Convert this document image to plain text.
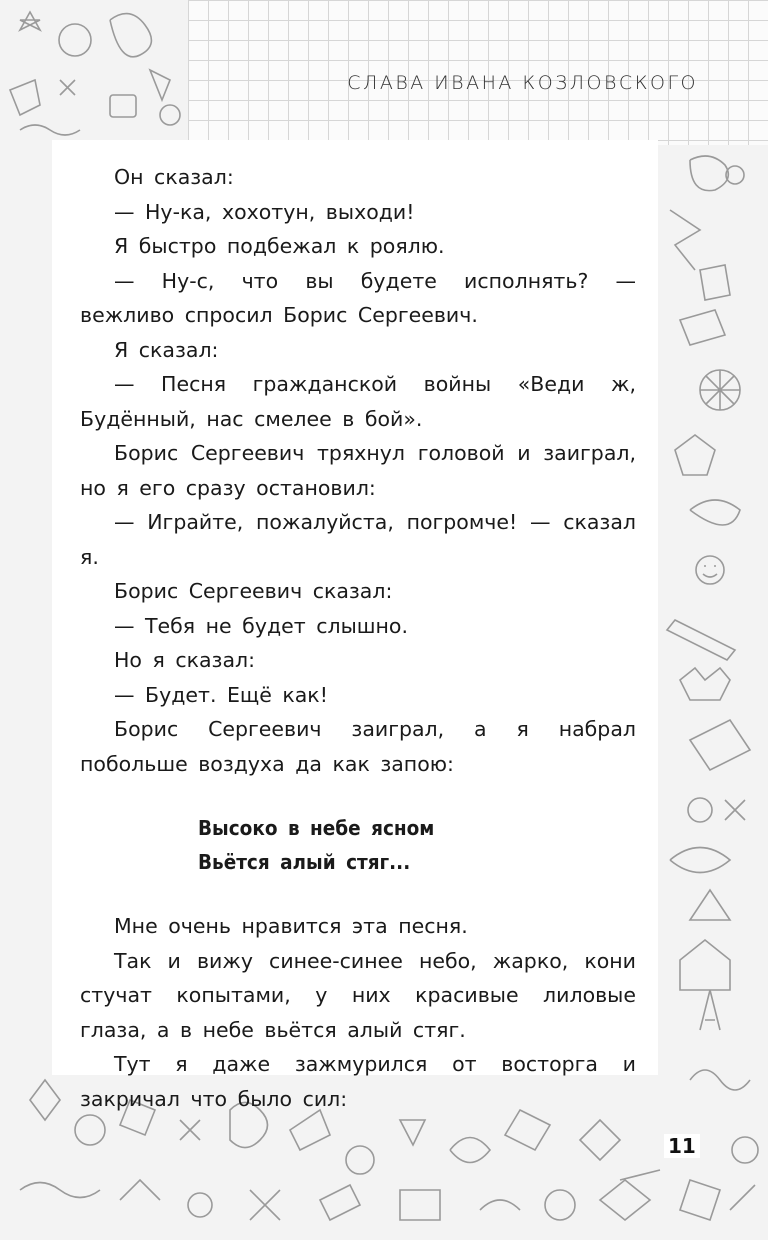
СЛАВА ИВАНА КОЗЛОВСКОГО

Он сказал:

— Ну-ка, хохотун, выходи!

Я быстро подбежал к роялю.

— Ну-с, что вы будете исполнять? — вежливо спросил Борис Сергеевич.

Я сказал:

— Песня гражданской войны «Веди ж, Будённый, нас смелее в бой».

Борис Сергеевич тряхнул головой и заиграл, но я его сразу остановил:

— Играйте, пожалуйста, погромче! — сказал я.

Борис Сергеевич сказал:

— Тебя не будет слышно.

Но я сказал:

— Будет. Ещё как!

Борис Сергеевич заиграл, а я набрал побольше воздуха да как запою:

Высоко в небе ясном
Вьётся алый стяг...

Мне очень нравится эта песня.

Так и вижу синее-синее небо, жарко, кони стучат копытами, у них красивые лиловые глаза, а в небе вьётся алый стяг.

Тут я даже зажмурился от восторга и закричал что было сил:

11
